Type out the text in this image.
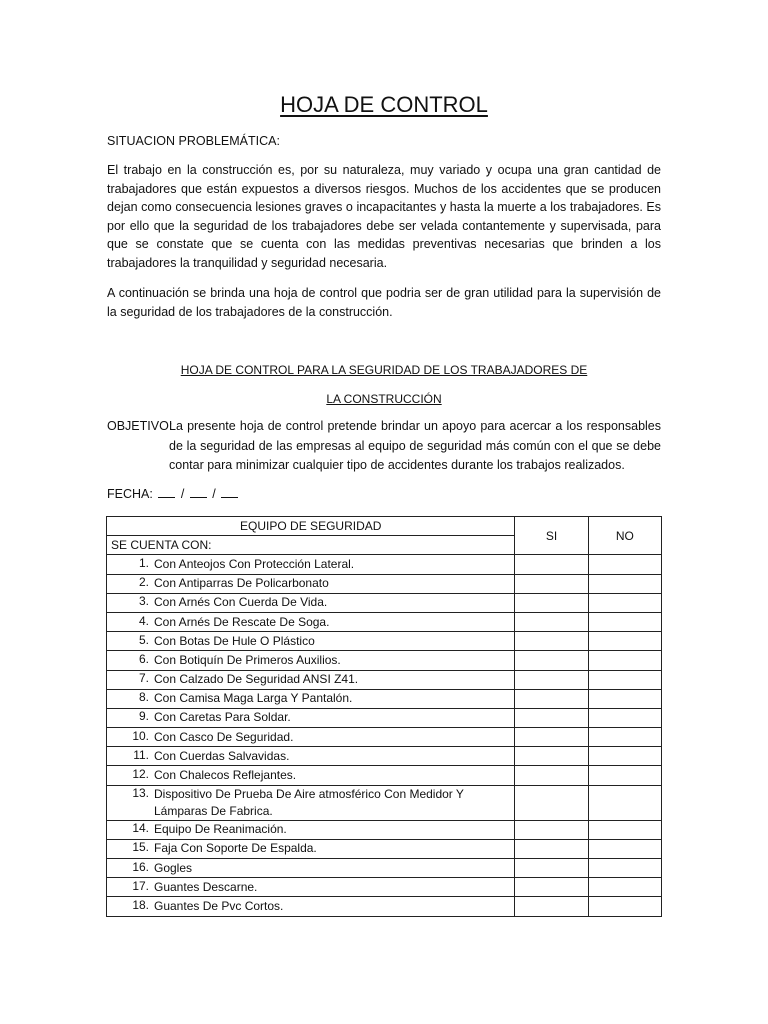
HOJA DE CONTROL

SITUACION PROBLEMÁTICA:

El trabajo en la construcción es, por su naturaleza, muy variado y ocupa una gran cantidad de trabajadores que están expuestos a diversos riesgos. Muchos de los accidentes que se producen dejan como consecuencia lesiones graves o incapacitantes y hasta la muerte a los trabajadores. Es por ello que la seguridad de los trabajadores debe ser velada contantemente y supervisada, para que se constate que se cuenta con las medidas preventivas necesarias que brinden a los trabajadores la tranquilidad y seguridad necesaria.

A continuación se brinda una hoja de control que podria ser de gran utilidad para la supervisión de la seguridad de los trabajadores de la construcción.

HOJA DE CONTROL PARA LA SEGURIDAD DE LOS TRABAJADORES DE

LA CONSTRUCCIÓN

OBJETIVO:

La presente hoja de control pretende brindar un apoyo para acercar a los responsables de la seguridad de las empresas al equipo de seguridad más común con el que se debe contar para minimizar cualquier tipo de accidentes durante los trabajos realizados.

FECHA: / /
EQUIPO DE SEGURIDAD	SI	NO
SE CUENTA CON:		
1. Con Anteojos Con Protección Lateral.		
2. Con Antiparras De Policarbonato		
3. Con Arnés Con Cuerda De Vida.		
4. Con Arnés De Rescate De Soga.		
5. Con Botas De Hule O Plástico		
6. Con Botiquín De Primeros Auxilios.		
7. Con Calzado De Seguridad ANSI Z41.		
8. Con Camisa Maga Larga Y Pantalón.		
9. Con Caretas Para Soldar.		
10. Con Casco De Seguridad.		
11. Con Cuerdas Salvavidas.		
12. Con Chalecos Reflejantes.		
13. Dispositivo De Prueba De Aire atmosférico Con Medidor Y Lámparas De Fabrica.		
14. Equipo De Reanimación.		
15. Faja Con Soporte De Espalda.		
16. Gogles		
17. Guantes Descarne.		
18. Guantes De Pvc Cortos.		
